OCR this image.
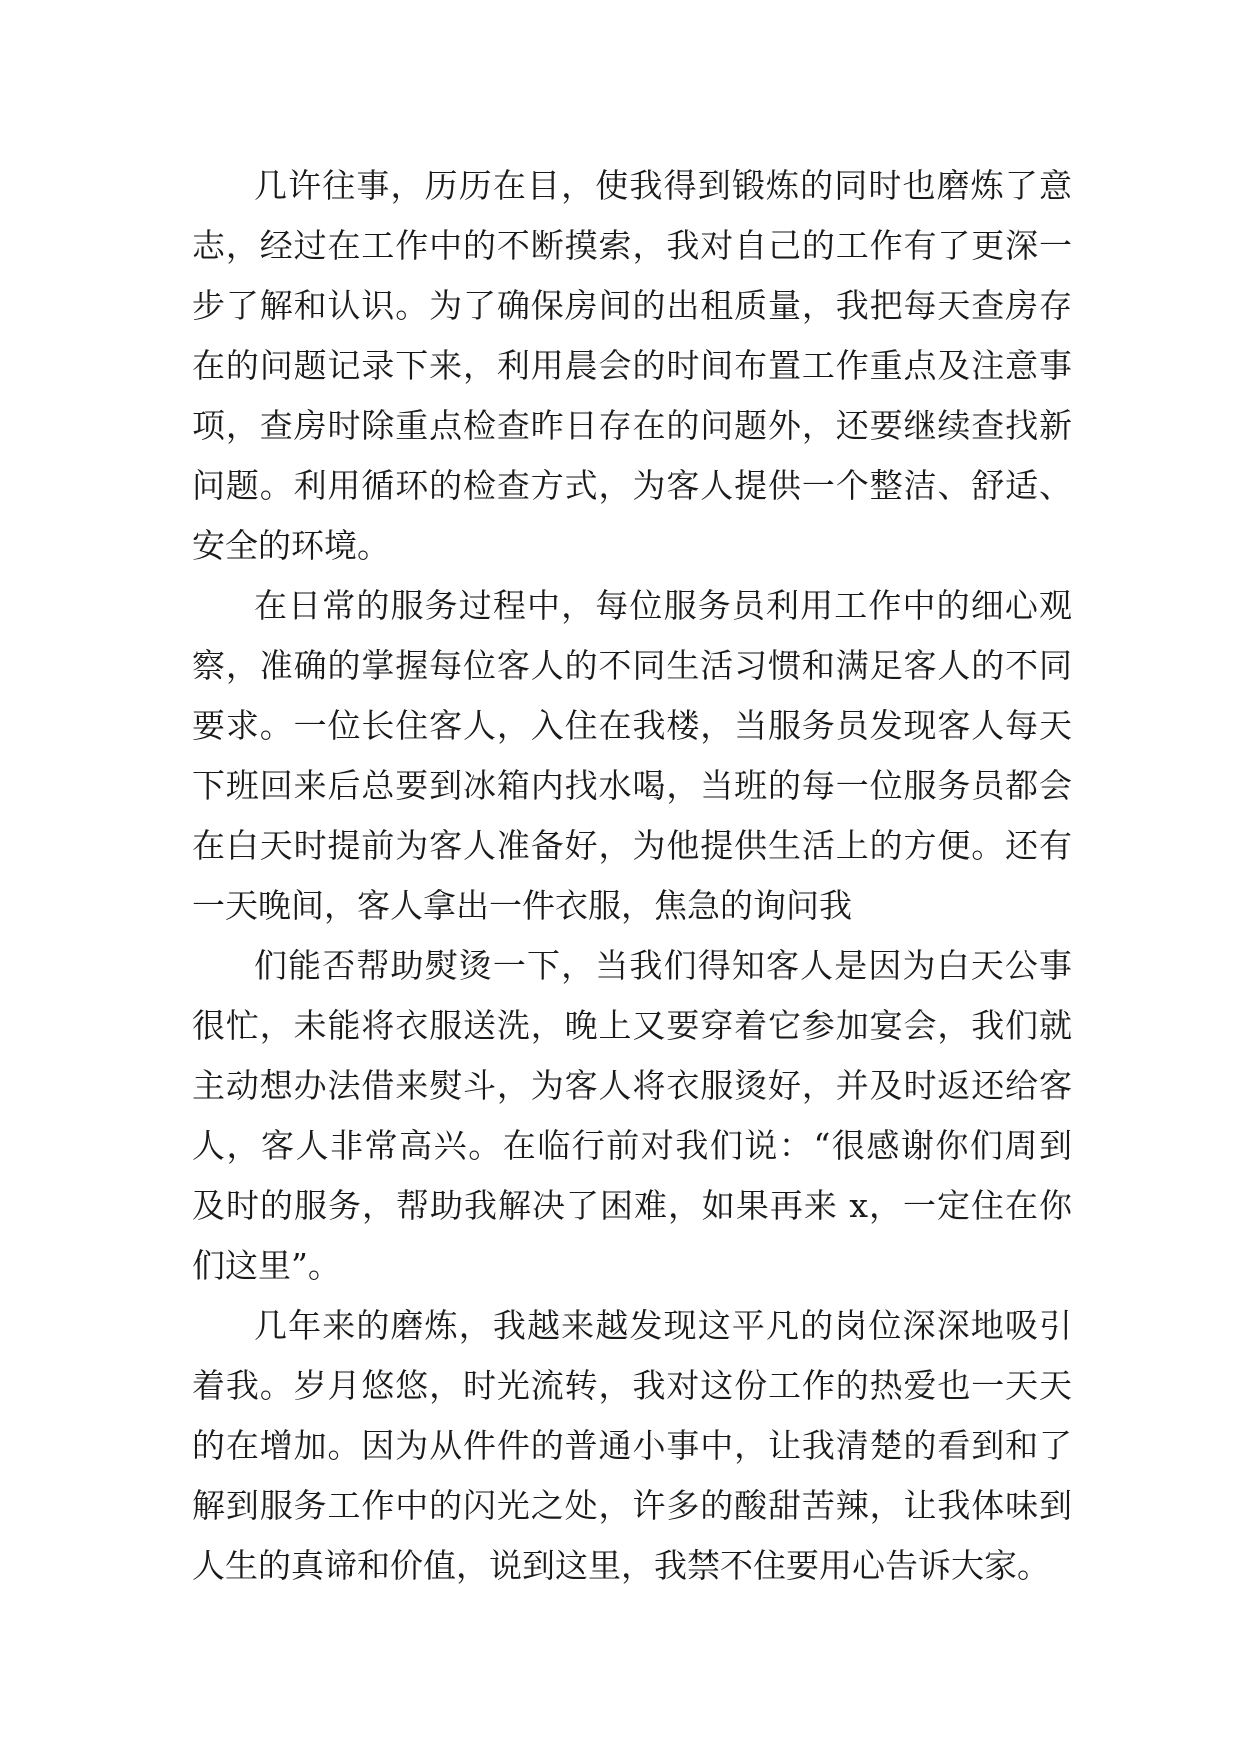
几许往事，历历在目，使我得到锻炼的同时也磨炼了意
志，经过在工作中的不断摸索，我对自己的工作有了更深一
步了解和认识。为了确保房间的出租质量，我把每天查房存
在的问题记录下来，利用晨会的时间布置工作重点及注意事
项，查房时除重点检查昨日存在的问题外，还要继续查找新
问题。利用循环的检查方式，为客人提供一个整洁、舒适、
安全的环境。
在日常的服务过程中，每位服务员利用工作中的细心观
察，准确的掌握每位客人的不同生活习惯和满足客人的不同
要求。一位长住客人，入住在我楼，当服务员发现客人每天
下班回来后总要到冰箱内找水喝，当班的每一位服务员都会
在白天时提前为客人准备好，为他提供生活上的方便。还有
一天晚间，客人拿出一件衣服，焦急的询问我
们能否帮助熨烫一下，当我们得知客人是因为白天公事
很忙，未能将衣服送洗，晚上又要穿着它参加宴会，我们就
主动想办法借来熨斗，为客人将衣服烫好，并及时返还给客
人，客人非常高兴。在临行前对我们说：“很感谢你们周到
及时的服务，帮助我解决了困难，如果再来 x，一定住在你
们这里”。
几年来的磨炼，我越来越发现这平凡的岗位深深地吸引
着我。岁月悠悠，时光流转，我对这份工作的热爱也一天天
的在增加。因为从件件的普通小事中，让我清楚的看到和了
解到服务工作中的闪光之处，许多的酸甜苦辣，让我体味到
人生的真谛和价值，说到这里，我禁不住要用心告诉大家。
